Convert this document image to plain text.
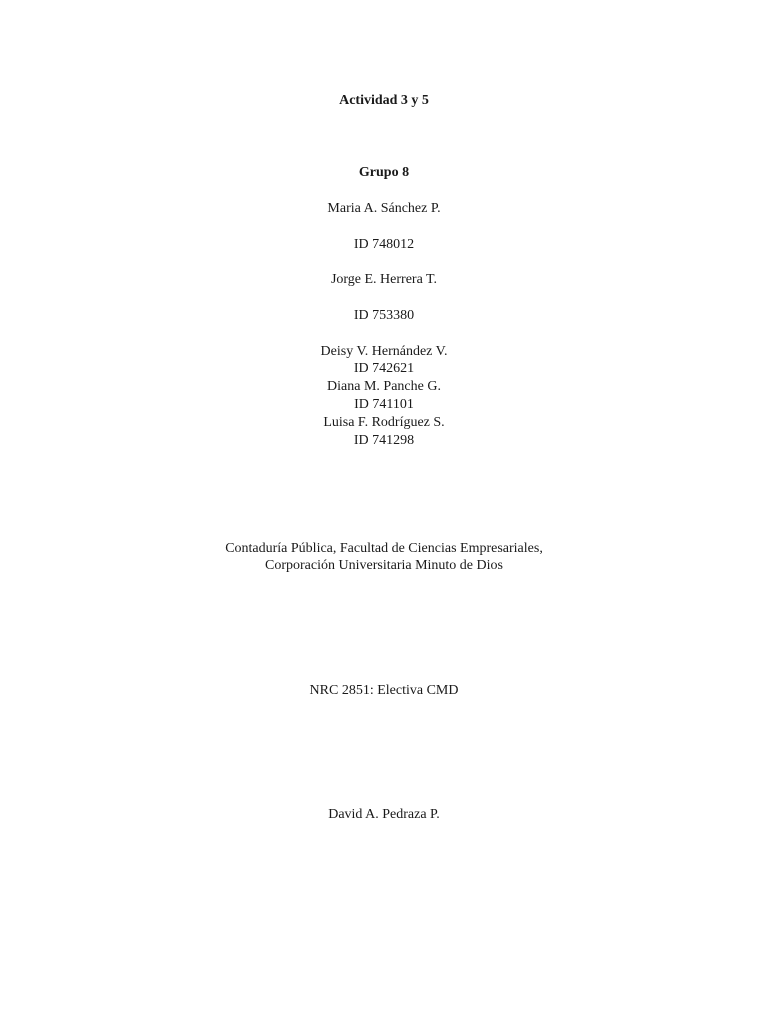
Actividad 3 y 5
Grupo 8
Maria A. Sánchez P.
ID 748012
Jorge E. Herrera T.
ID 753380
Deisy V. Hernández V.
ID 742621
Diana M. Panche G.
ID 741101
Luisa F. Rodríguez S.
ID 741298
Contaduría Pública, Facultad de Ciencias Empresariales,
Corporación Universitaria Minuto de Dios
NRC 2851: Electiva CMD
David A. Pedraza P.
